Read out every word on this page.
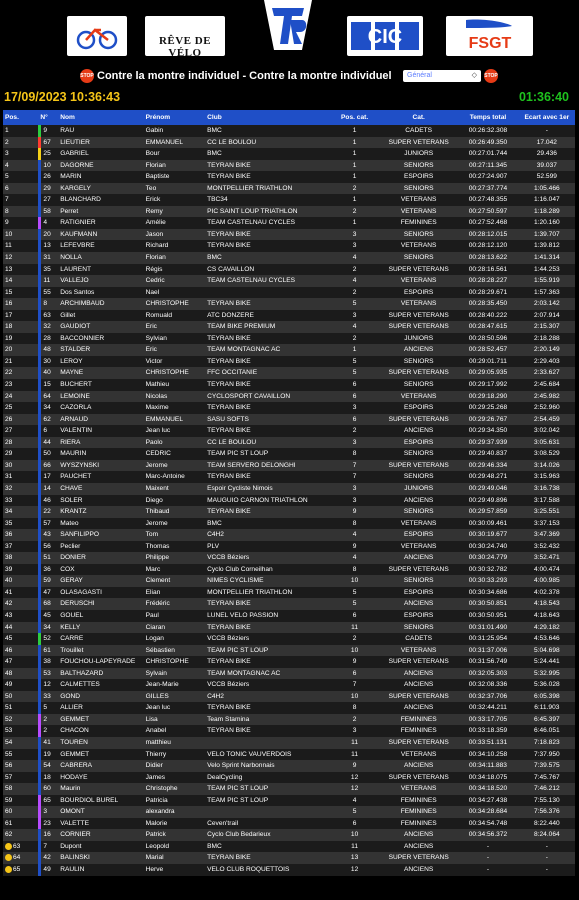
RÊVE DE VÉLO
CIC	FSGT
STOP Contre la montre individuel - Contre la montre individuel	STOP
Général	◇
17/09/2023 10:36:43	01:36:40
Pos.	N°	Nom	Prénom	Club	Pos. cat.	Cat.	Temps total	Ecart avec 1er
1	9	RAU	Gabin	BMC	1	CADETS	00:26:32.308	-
2	67	LIEUTIER	EMMANUEL	CC LE BOULOU	1	SUPER VETERANS	00:26:49.350	17.042
3	25	GABRIEL	Bour	BMC	1	JUNIORS	00:27:01.744	29.436
4	10	DAGORNE	Florian	TEYRAN BIKE	1	SENIORS	00:27:11.345	39.037
5	26	MARIN	Baptiste	TEYRAN BIKE	1	ESPOIRS	00:27:24.907	52.599
6	29	KARGELY	Teo	MONTPELLIER TRIATHLON	2	SENIORS	00:27:37.774	1:05.466
7	27	BLANCHARD	Erick	TBC34	1	VETERANS	00:27:48.355	1:16.047
8	58	Perret	Remy	PIC SAINT LOUP TRIATHLON	2	VETERANS	00:27:50.597	1:18.289
9	4	RATIGNIER	Amélie	TEAM CASTELNAU CYCLES	1	FEMININES	00:27:52.468	1:20.160
10	20	KAUFMANN	Jason	TEYRAN BIKE	3	SENIORS	00:28:12.015	1:39.707
11	13	LEFEVBRE	Richard	TEYRAN BIKE	3	VETERANS	00:28:12.120	1:39.812
12	31	NOLLA	Florian	BMC	4	SENIORS	00:28:13.622	1:41.314
13	35	LAURENT	Régis	CS CAVAILLON	2	SUPER VETERANS	00:28:16.561	1:44.253
14	11	VALLEJO	Cedric	TEAM CASTELNAU CYCLES	4	VETERANS	00:28:28.227	1:55.919
15	55	Dos Santos	Nael		2	ESPOIRS	00:28:29.671	1:57.363
16	8	ARCHIMBAUD	CHRISTOPHE	TEYRAN BIKE	5	VETERANS	00:28:35.450	2:03.142
17	63	Gillet	Romuald	ATC DONZERE	3	SUPER VETERANS	00:28:40.222	2:07.914
18	32	GAUDIOT	Eric	TEAM BIKE PREMIUM	4	SUPER VETERANS	00:28:47.615	2:15.307
19	28	BACCONNIER	Sylvian	TEYRAN BIKE	2	JUNIORS	00:28:50.596	2:18.288
20	48	STALDER	Eric	TEAM MONTAGNAC AC	1	ANCIENS	00:28:52.457	2:20.149
21	30	LEROY	Victor	TEYRAN BIKE	5	SENIORS	00:29:01.711	2:29.403
22	40	MAYNE	CHRISTOPHE	FFC OCCITANIE	5	SUPER VETERANS	00:29:05.935	2:33.627
23	15	BUCHERT	Mathieu	TEYRAN BIKE	6	SENIORS	00:29:17.992	2:45.684
24	64	LEMOINE	Nicolas	CYCLOSPORT CAVAILLON	6	VETERANS	00:29:18.290	2:45.982
25	34	CAZORLA	Maxime	TEYRAN BIKE	3	ESPOIRS	00:29:25.268	2:52.960
26	62	ARNAUD	EMMANUEL	SASU SOFTS	6	SUPER VETERANS	00:29:26.767	2:54.459
27	6	VALENTIN	Jean luc	TEYRAN BIKE	2	ANCIENS	00:29:34.350	3:02.042
28	44	RIERA	Paolo	CC LE BOULOU	3	ESPOIRS	00:29:37.939	3:05.631
29	50	MAURIN	CEDRIC	TEAM PIC ST LOUP	8	SENIORS	00:29:40.837	3:08.529
30	66	WYSZYNSKI	Jerome	TEAM SERVERO DELONGHI	7	SUPER VETERANS	00:29:46.334	3:14.026
31	17	PAUCHET	Marc-Antoine	TEYRAN BIKE	7	SENIORS	00:29:48.271	3:15.963
32	14	CHAVE	Maixent	Espoir Cycliste Nimois	3	JUNIORS	00:29:49.046	3:16.738
33	46	SOLER	Diego	MAUGUIO CARNON TRIATHLON	3	ANCIENS	00:29:49.896	3:17.588
34	22	KRANTZ	Thibaud	TEYRAN BIKE	9	SENIORS	00:29:57.859	3:25.551
35	57	Mateo	Jerome	BMC	8	VETERANS	00:30:09.461	3:37.153
36	43	SANFILIPPO	Tom	C4H2	4	ESPOIRS	00:30:19.677	3:47.369
37	56	Peclier	Thomas	PLV	9	VETERANS	00:30:24.740	3:52.432
38	51	DONIER	Philippe	VCCB Béziers	4	ANCIENS	00:30:24.779	3:52.471
39	36	COX	Marc	Cyclo Club Corneilhan	8	SUPER VETERANS	00:30:32.782	4:00.474
40	59	GERAY	Clement	NIMES CYCLISME	10	SENIORS	00:30:33.293	4:00.985
41	47	OLASAGASTI	Elian	MONTPELLIER TRIATHLON	5	ESPOIRS	00:30:34.686	4:02.378
42	68	DERUSCHI	Frédéric	TEYRAN BIKE	5	ANCIENS	00:30:50.851	4:18.543
43	45	GOUEL	Paul	LUNEL VELO PASSION	6	ESPOIRS	00:30:50.951	4:18.643
44	34	KELLY	Ciaran	TEYRAN BIKE	11	SENIORS	00:31:01.490	4:29.182
45	52	CARRE	Logan	VCCB Béziers	2	CADETS	00:31:25.954	4:53.646
46	61	Trouillet	Sébastien	TEAM PIC ST LOUP	10	VETERANS	00:31:37.006	5:04.698
47	38	FOUCHOU-LAPEYRADE	CHRISTOPHE	TEYRAN BIKE	9	SUPER VETERANS	00:31:56.749	5:24.441
48	53	BALTHAZARD	Sylvain	TEAM MONTAGNAC AC	6	ANCIENS	00:32:05.303	5:32.995
49	12	CALMETTES	Jean-Marie	VCCB Béziers	7	ANCIENS	00:32:08.336	5:36.028
50	33	GOND	GILLES	C4H2	10	SUPER VETERANS	00:32:37.706	6:05.398
51	5	ALLIER	Jean luc	TEYRAN BIKE	8	ANCIENS	00:32:44.211	6:11.903
52	2	GEMMET	Lisa	Team Stamina	2	FEMININES	00:33:17.705	6:45.397
53	2	CHACON	Anabel	TEYRAN BIKE	3	FEMININES	00:33:18.359	6:46.051
54	41	TOUREN	matthieu		11	SUPER VETERANS	00:33:51.131	7:18.823
55	19	GEMMET	Thierry	VELO TONIC VAUVERDOIS	11	VETERANS	00:34:10.258	7:37.950
56	54	CABRERA	Didier	Velo Sprint Narbonnais	9	ANCIENS	00:34:11.883	7:39.575
57	18	HODAYE	James	DealCycling	12	SUPER VETERANS	00:34:18.075	7:45.767
58	60	Maurin	Christophe	TEAM PIC ST LOUP	12	VETERANS	00:34:18.520	7:46.212
59	65	BOURDIOL BUREL	Patricia	TEAM PIC ST LOUP	4	FEMININES	00:34:27.438	7:55.130
60	3	OMONT	alexandra		5	FEMININES	00:34:28.684	7:56.376
61	23	VALETTE	Malorie	Ceven'trail	6	FEMININES	00:34:54.748	8:22.440
62	16	CORNIER	Patrick	Cyclo Club Bedarieux	10	ANCIENS	00:34:56.372	8:24.064
63	7	Dupont	Leopold	BMC	11	ANCIENS	-	-
64	42	BALINSKI	Marial	TEYRAN BIKE	13	SUPER VETERANS	-	-
65	49	RAULIN	Herve	VELO CLUB ROQUETTOIS	12	ANCIENS	-	-
